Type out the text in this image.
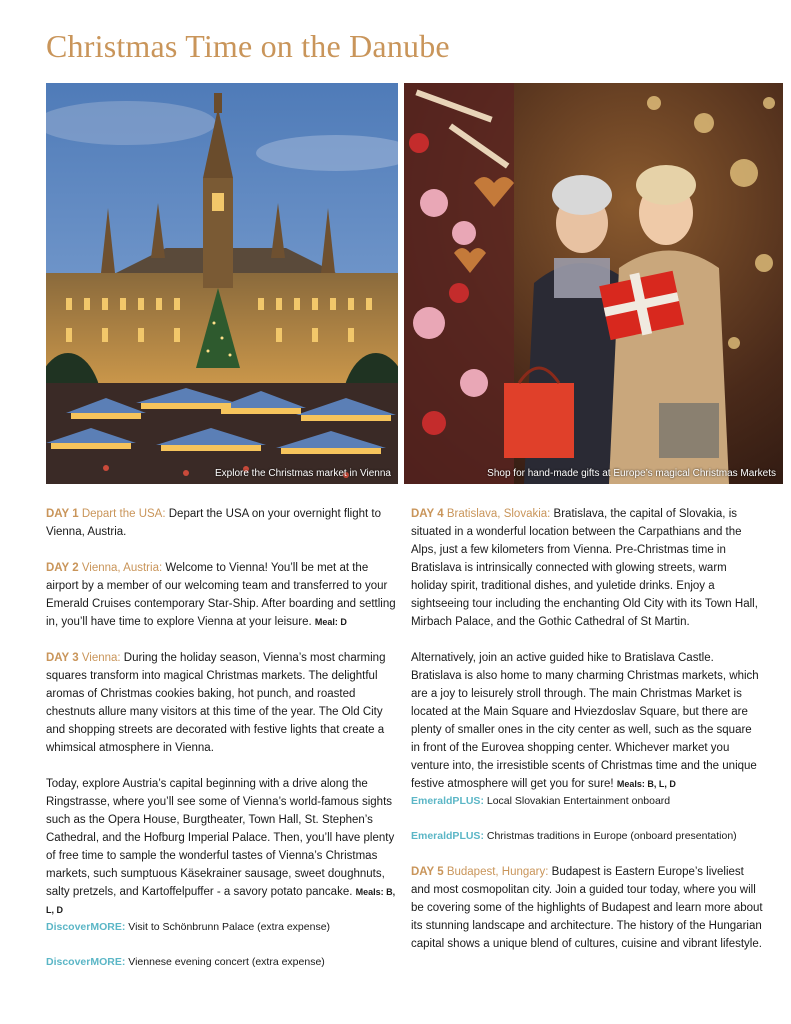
Christmas Time on the Danube
Explore the Christmas market in Vienna	Shop for hand-made gifts at Europe’s magical Christmas Markets

DAY 1 Depart the USA: Depart the USA on your overnight flight to Vienna, Austria.

DAY 2 Vienna, Austria: Welcome to Vienna! You’ll be met at the airport by a member of our welcoming team and transferred to your Emerald Cruises contemporary Star-Ship. After boarding and settling in, you’ll have time to explore Vienna at your leisure. Meal: D

DAY 3 Vienna: During the holiday season, Vienna’s most charming squares transform into magical Christmas markets. The delightful aromas of Christmas cookies baking, hot punch, and roasted chestnuts allure many visitors at this time of the year. The Old City and shopping streets are decorated with festive lights that create a whimsical atmosphere in Vienna.

Today, explore Austria’s capital beginning with a drive along the Ringstrasse, where you’ll see some of Vienna’s world-famous sights such as the Opera House, Burgtheater, Town Hall, St. Stephen’s Cathedral, and the Hofburg Imperial Palace. Then, you’ll have plenty of free time to sample the wonderful tastes of Vienna’s Christmas markets, such sumptuous Käsekrainer sausage, sweet doughnuts, salty pretzels, and Kartoffelpuffer - a savory potato pancake. Meals: B, L, D

DiscoverMORE: Visit to Schönbrunn Palace (extra expense)

DiscoverMORE: Viennese evening concert (extra expense)

DAY 4 Bratislava, Slovakia: Bratislava, the capital of Slovakia, is situated in a wonderful location between the Carpathians and the Alps, just a few kilometers from Vienna. Pre-Christmas time in Bratislava is intrinsically connected with glowing streets, warm holiday spirit, traditional dishes, and yuletide drinks. Enjoy a sightseeing tour including the enchanting Old City with its Town Hall, Mirbach Palace, and the Gothic Cathedral of St Martin.

Alternatively, join an active guided hike to Bratislava Castle. Bratislava is also home to many charming Christmas markets, which are a joy to leisurely stroll through. The main Christmas Market is located at the Main Square and Hviezdoslav Square, but there are plenty of smaller ones in the city center as well, such as the square in front of the Eurovea shopping center. Whichever market you venture into, the irresistible scents of Christmas time and the unique festive atmosphere will get you for sure! Meals: B, L, D

EmeraldPLUS: Local Slovakian Entertainment onboard

EmeraldPLUS: Christmas traditions in Europe (onboard presentation)

DAY 5 Budapest, Hungary: Budapest is Eastern Europe’s liveliest and most cosmopolitan city. Join a guided tour today, where you will be covering some of the highlights of Budapest and learn more about its stunning landscape and architecture. The history of the Hungarian capital shows a unique blend of cultures, cuisine and vibrant lifestyle.
